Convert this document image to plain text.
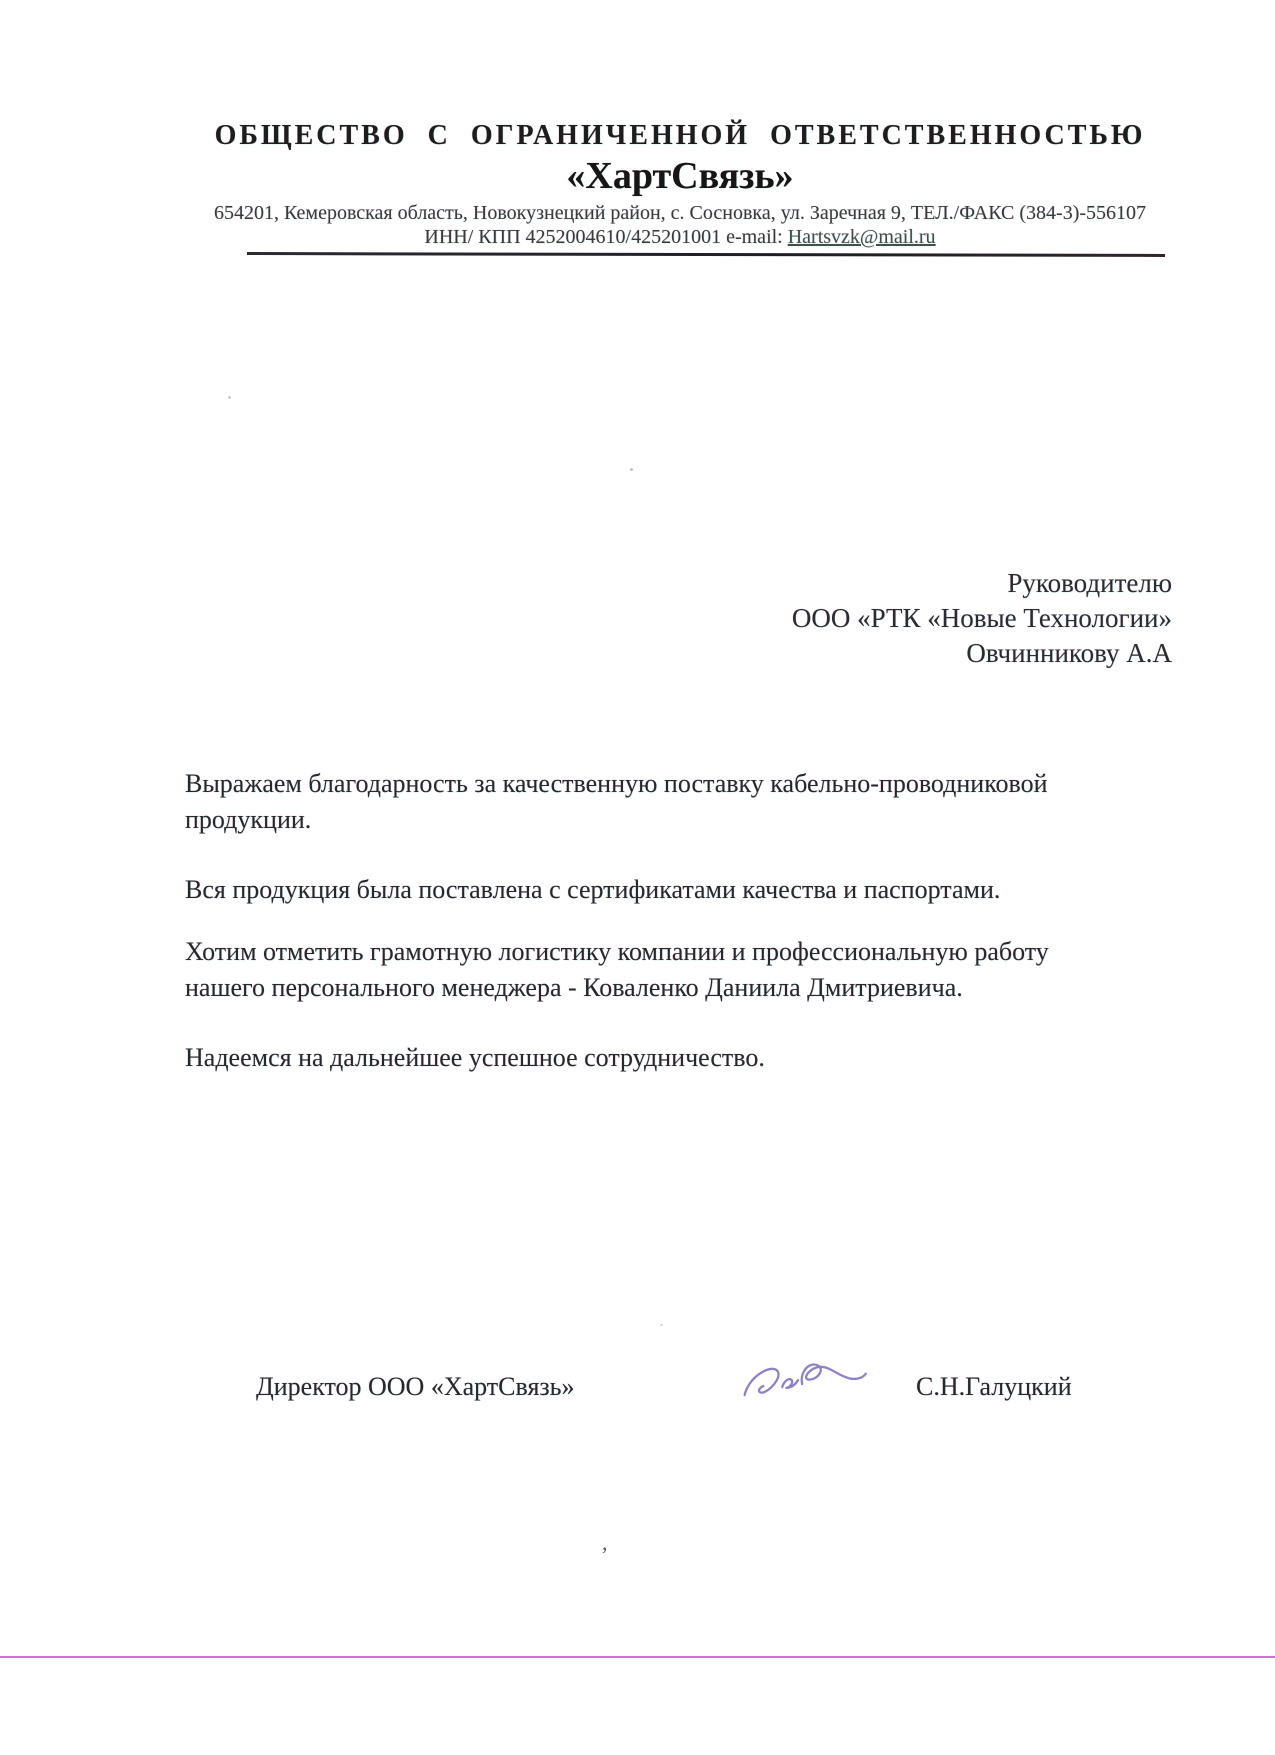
ОБЩЕСТВО С ОГРАНИЧЕННОЙ ОТВЕТСТВЕННОСТЬЮ
«ХартСвязь»
654201, Кемеровская область, Новокузнецкий район, с. Сосновка, ул. Заречная 9, ТЕЛ./ФАКС (384-3)-556107
ИНН/ КПП 4252004610/425201001 e-mail: Hartsvzk@mail.ru
Руководителю
ООО «РТК «Новые Технологии»
Овчинникову А.А
Выражаем благодарность за качественную поставку кабельно-проводниковой
продукции.
Вся продукция была поставлена с сертификатами качества и паспортами.
Хотим отметить грамотную логистику компании и профессиональную работу
нашего персонального менеджера - Коваленко Даниила Дмитриевича.
Надеемся на дальнейшее успешное сотрудничество.
Директор ООО «ХартСвязь»	С.Н.Галуцкий
,
